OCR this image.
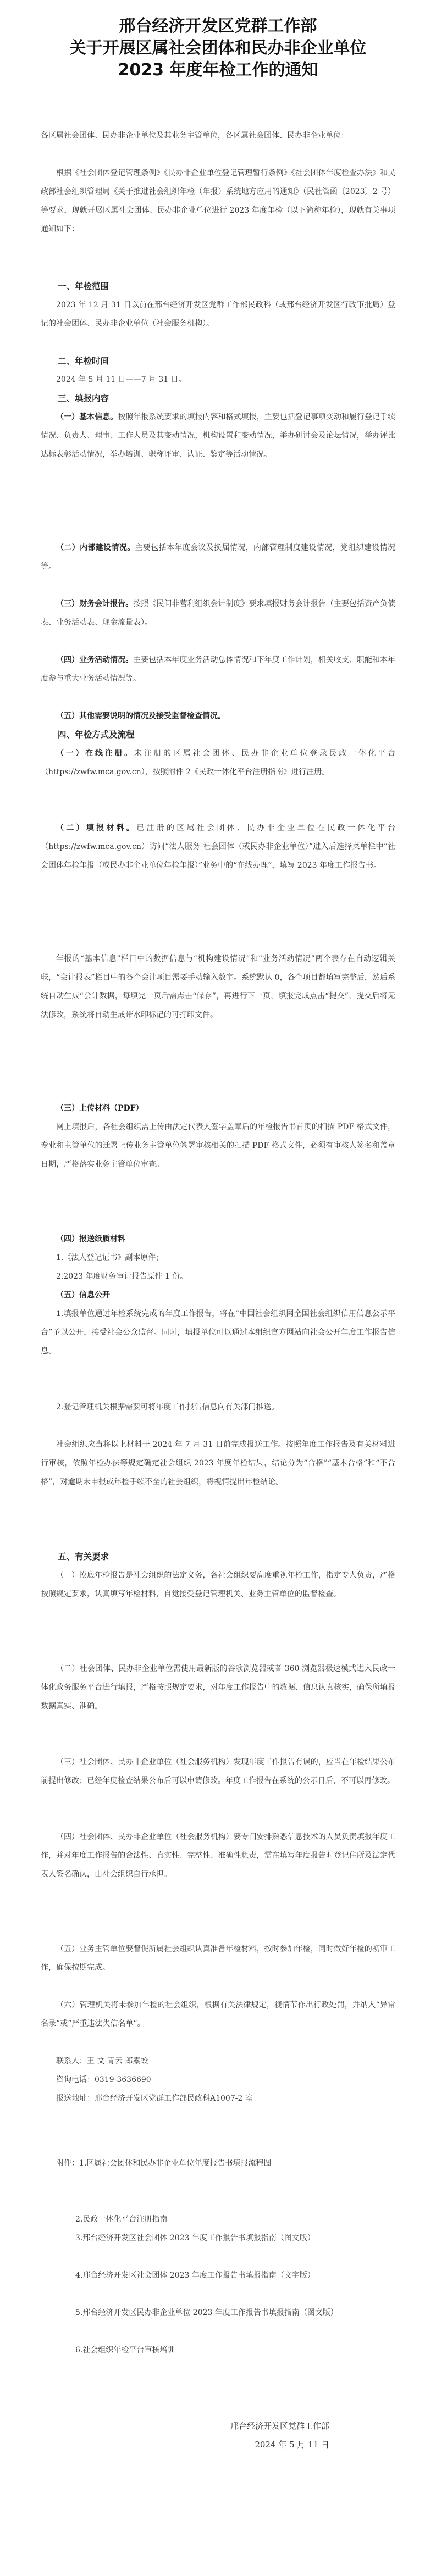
邢台经济开发区党群工作部
关于开展区属社会团体和民办非企业单位
2023 年度年检工作的通知
各区属社会团体、民办非企业单位及其业务主管单位，各区属社会团体、民办非企业单位：
根据《社会团体登记管理条例》《民办非企业单位登记管理暂行条例》《社会团体年度检查办法》和民政部社会组织管理局《关于推进社会组织年检（年报）系统地方应用的通知》（民社管函〔2023〕2 号）等要求，现就开展区属社会团体、民办非企业单位进行 2023 年度年检（以下简称年检），现就有关事项通知如下：
一、年检范围
2023 年 12 月 31 日以前在邢台经济开发区党群工作部民政科（或邢台经济开发区行政审批局）登记的社会团体、民办非企业单位（社会服务机构）。
二、年检时间
2024 年 5 月 11 日——7 月 31 日。
三、填报内容
（一）基本信息。按照年报系统要求的填报内容和格式填报，主要包括登记事项变动和履行登记手续情况、负责人、理事、工作人员及其变动情况，机构设置和变动情况，举办研讨会及论坛情况，举办评比达标表彰活动情况，举办培训、职称评审、认证、鉴定等活动情况。
（二）内部建设情况。主要包括本年度会议及换届情况，内部管理制度建设情况，党组织建设情况等。
（三）财务会计报告。按照《民间非营利组织会计制度》要求填报财务会计报告（主要包括资产负债表、业务活动表、现金流量表）。
（四）业务活动情况。主要包括本年度业务活动总体情况和下年度工作计划，相关收支、职能和本年度参与重大业务活动情况等。
（五）其他需要说明的情况及接受监督检查情况。
四、年检方式及流程
（一）在线注册。未注册的区属社会团体、民办非企业单位登录民政一体化平台（https://zwfw.mca.gov.cn），按照附件 2《民政一体化平台注册指南》进行注册。
（二）填报材料。已注册的区属社会团体、民办非企业单位在民政一体化平台（https://zwfw.mca.gov.cn）访问“法人服务-社会团体（或民办非企业单位）”进入后选择菜单栏中“社会团体年检年报（或民办非企业单位年检年报）”业务中的“在线办理”，填写 2023 年度工作报告书。
年报的“基本信息”栏目中的数据信息与“机构建设情况”和“业务活动情况”两个表存在自动逻辑关联，“会计报表”栏目中的各个会计项目需要手动输入数字。系统默认 0，各个项目都填写完整后，然后系统自动生成“会计数据，每填完一页后需点击“保存”，再进行下一页，填报完成点击“提交”，提交后将无法修改，系统将自动生成带水印标记的可打印文件。
（三）上传材料（PDF）
网上填报后，各社会组织需上传由法定代表人签字盖章后的年检报告书首页的扫描 PDF 格式文件，专业和主管单位的迁署上传业务主管单位签署审核相关的扫描 PDF 格式文件，必须有审核人签名和盖章日期，严格落实业务主管单位审查。
（四）报送纸质材料
1.《法人登记证书》副本原件；
2.2023 年度财务审计报告原件 1 份。
（五）信息公开
1.填报单位通过年检系统完成的年度工作报告，将在“中国社会组织网全国社会组织信用信息公示平台”予以公开，接受社会公众监督。同时，填报单位可以通过本组织官方网站向社会公开年度工作报告信息。
2.登记管理机关根据需要可将年度工作报告信息向有关部门推送。
社会组织应当将以上材料于 2024 年 7 月 31 日前完成报送工作。按照年度工作报告及有关材料进行审核，依照年检办法等规定确定社会组织 2023 年度年检结果，结论分为“合格”“基本合格”和“不合格”，对逾期未申报或年检手续不全的社会组织，将视情提出年检结论。
五、有关要求
（一）摸底年检报告是社会组织的法定义务，各社会组织要高度重视年检工作，指定专人负责，严格按照规定要求，认真填写年检材料，自觉接受登记管理机关、业务主管单位的监督检查。
（二）社会团体、民办非企业单位需使用最新版的谷歌浏览器或者 360 浏览器极速模式进入民政一体化政务服务平台进行填报，严格按照规定要求，对年度工作报告中的数据、信息认真核实，确保所填报数据真实、准确。
（三）社会团体、民办非企业单位（社会服务机构）发现年度工作报告有误的，应当在年检结果公布前提出修改；已经年度检查结果公布后可以申请修改。年度工作报告在系统的公示日后，不可以再修改。
（四）社会团体、民办非企业单位（社会服务机构）要专门安排熟悉信息技术的人员负责填报年度工作，并对年度工作报告的合法性、真实性、完整性、准确性负责，需在填写年度报告时登记住所及法定代表人签名确认，由社会组织自行承担。
（五）业务主管单位要督促所属社会组织认真准备年检材料，按时参加年检，同时做好年检的初审工作，确保按期完成。
（六）管理机关将未参加年检的社会组织，根据有关法律规定，视情节作出行政处罚，并纳入“异常名录”或“严重违法失信名单”。
联系人：王 文 青云 郎素蛟
咨询电话：0319-3636690
报送地址：邢台经济开发区党群工作部民政科A1007-2 室
附件：1.区属社会团体和民办非企业单位年度报告书填报流程图
2.民政一体化平台注册指南
3.邢台经济开发区社会团体 2023 年度工作报告书填报指南（图文版）
4.邢台经济开发区社会团体 2023 年度工作报告书填报指南（文字版）
5.邢台经济开发区民办非企业单位 2023 年度工作报告书填报指南（图文版）
6.社会组织年检平台审核培训
邢台经济开发区党群工作部
2024 年 5 月 11 日
